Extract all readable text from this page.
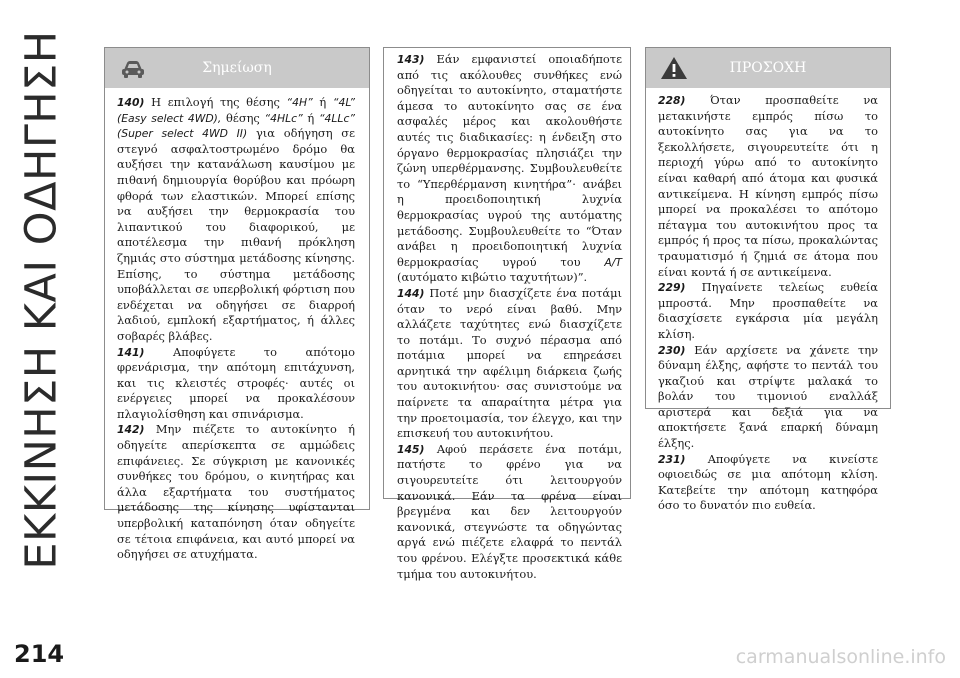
ΕΚΚΙΝΗΣΗ ΚΑΙ ΟΔΗΓΗΣΗ	Σημείωση

140) Η επιλογή της θέσης “4H” ή “4L” (Easy select 4WD), θέσης “4HLc” ή “4LLc” (Super select 4WD II) για οδήγηση σε στεγνό ασφαλτοστρωμένο δρόμο θα αυξήσει την κατανάλωση καυσίμου με πιθανή δημιουργία θορύβου και πρόωρη φθορά των ελαστικών. Μπορεί επίσης να αυξήσει την θερμοκρασία του λιπαντικού του διαφορικού, με αποτέλεσμα την πιθανή πρόκληση ζημιάς στο σύστημα μετάδοσης κίνησης. Επίσης, το σύστημα μετάδοσης υποβάλλεται σε υπερβολική φόρτιση που ενδέχεται να οδηγήσει σε διαρροή λαδιού, εμπλοκή εξαρτήματος, ή άλλες σοβαρές βλάβες.

141) Αποφύγετε το απότομο φρενάρισμα, την απότομη επιτάχυνση, και τις κλειστές στροφές· αυτές οι ενέργειες μπορεί να προκαλέσουν πλαγιολίσθηση και σπινάρισμα.

142) Μην πιέζετε το αυτοκίνητο ή οδηγείτε απερίσκεπτα σε αμμώδεις επιφάνειες. Σε σύγκριση με κανονικές συνθήκες του δρόμου, ο κινητήρας και άλλα εξαρτήματα του συστήματος μετάδοσης της κίνησης υφίστανται υπερβολική καταπόνηση όταν οδηγείτε σε τέτοια επιφάνεια, και αυτό μπορεί να οδηγήσει σε ατυχήματα.

143) Εάν εμφανιστεί οποιαδήποτε από τις ακόλουθες συνθήκες ενώ οδηγείται το αυτοκίνητο, σταματήστε άμεσα το αυτοκίνητο σας σε ένα ασφαλές μέρος και ακολουθήστε αυτές τις διαδικασίες: η ένδειξη στο όργανο θερμοκρασίας πλησιάζει την ζώνη υπερθέρμανσης. Συμβουλευθείτε το “Υπερθέρμανση κινητήρα”· ανάβει η προειδοποιητική λυχνία θερμοκρασίας υγρού της αυτόματης μετάδοσης. Συμβουλευθείτε το “Όταν ανάβει η προειδοποιητική λυχνία θερμοκρασίας υγρού του A/T (αυτόματο κιβώτιο ταχυτήτων)”.

144) Ποτέ μην διασχίζετε ένα ποτάμι όταν το νερό είναι βαθύ. Μην αλλάζετε ταχύτητες ενώ διασχίζετε το ποτάμι. Το συχνό πέρασμα από ποτάμια μπορεί να επηρεάσει αρνητικά την αφέλιμη διάρκεια ζωής του αυτοκινήτου· σας συνιστούμε να παίρνετε τα απαραίτητα μέτρα για την προετοιμασία, τον έλεγχο, και την επισκευή του αυτοκινήτου.

145) Αφού περάσετε ένα ποτάμι, πατήστε το φρένο για να σιγουρευτείτε ότι λειτουργούν κανονικά. Εάν τα φρένα είναι βρεγμένα και δεν λειτουργούν κανονικά, στεγνώστε τα οδηγώντας αργά ενώ πιέζετε ελαφρά το πεντάλ του φρένου. Ελέγξτε προσεκτικά κάθε τμήμα του αυτοκινήτου.

ΠΡΟΣΟΧΗ

228) Όταν προσπαθείτε να μετακινήστε εμπρός πίσω το αυτοκίνητο σας για να το ξεκολλήσετε, σιγουρευτείτε ότι η περιοχή γύρω από το αυτοκίνητο είναι καθαρή από άτομα και φυσικά αντικείμενα. Η κίνηση εμπρός πίσω μπορεί να προκαλέσει το απότομο πέταγμα του αυτοκινήτου προς τα εμπρός ή προς τα πίσω, προκαλώντας τραυματισμό ή ζημιά σε άτομα που είναι κοντά ή σε αντικείμενα.

229) Πηγαίνετε τελείως ευθεία μπροστά. Μην προσπαθείτε να διασχίσετε εγκάρσια μία μεγάλη κλίση.

230) Εάν αρχίσετε να χάνετε την δύναμη έλξης, αφήστε το πεντάλ του γκαζιού και στρίψτε μαλακά το βολάν του τιμονιού εναλλάξ αριστερά και δεξιά για να αποκτήσετε ξανά επαρκή δύναμη έλξης.

231) Αποφύγετε να κινείστε οφιοειδώς σε μια απότομη κλίση. Κατεβείτε την απότομη κατηφόρα όσο το δυνατόν πιο ευθεία.

214	carmanualsonline.info
